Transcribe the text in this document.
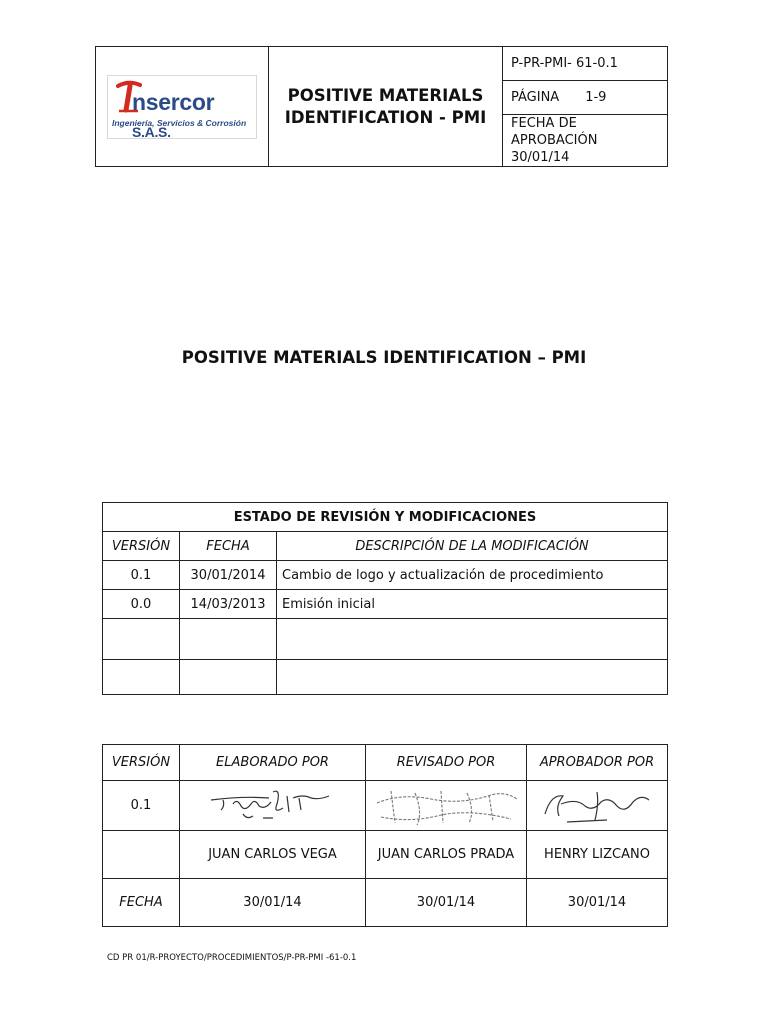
nsercor S.A.S.
Ingeniería, Servicios & Corrosión

POSITIVE MATERIALS
IDENTIFICATION - PMI
	P-PR-PMI- 61-0.1
PÁGINA 1-9

FECHA DE APROBACIÓN
30/01/14
POSITIVE MATERIALS IDENTIFICATION – PMI
ESTADO DE REVISIÓN Y MODIFICACIONES		
VERSIÓN	FECHA	DESCRIPCIÓN DE LA MODIFICACIÓN
0.1	30/01/2014	Cambio de logo y actualización de procedimiento
0.0	14/03/2013	Emisión inicial

VERSIÓN	ELABORADO POR	REVISADO POR	APROBADOR POR
0.1	

	JUAN CARLOS VEGA	JUAN CARLOS PRADA	HENRY LIZCANO
FECHA	30/01/14	30/01/14	30/01/14
CD PR 01/R-PROYECTO/PROCEDIMIENTOS/P-PR-PMI -61-0.1
